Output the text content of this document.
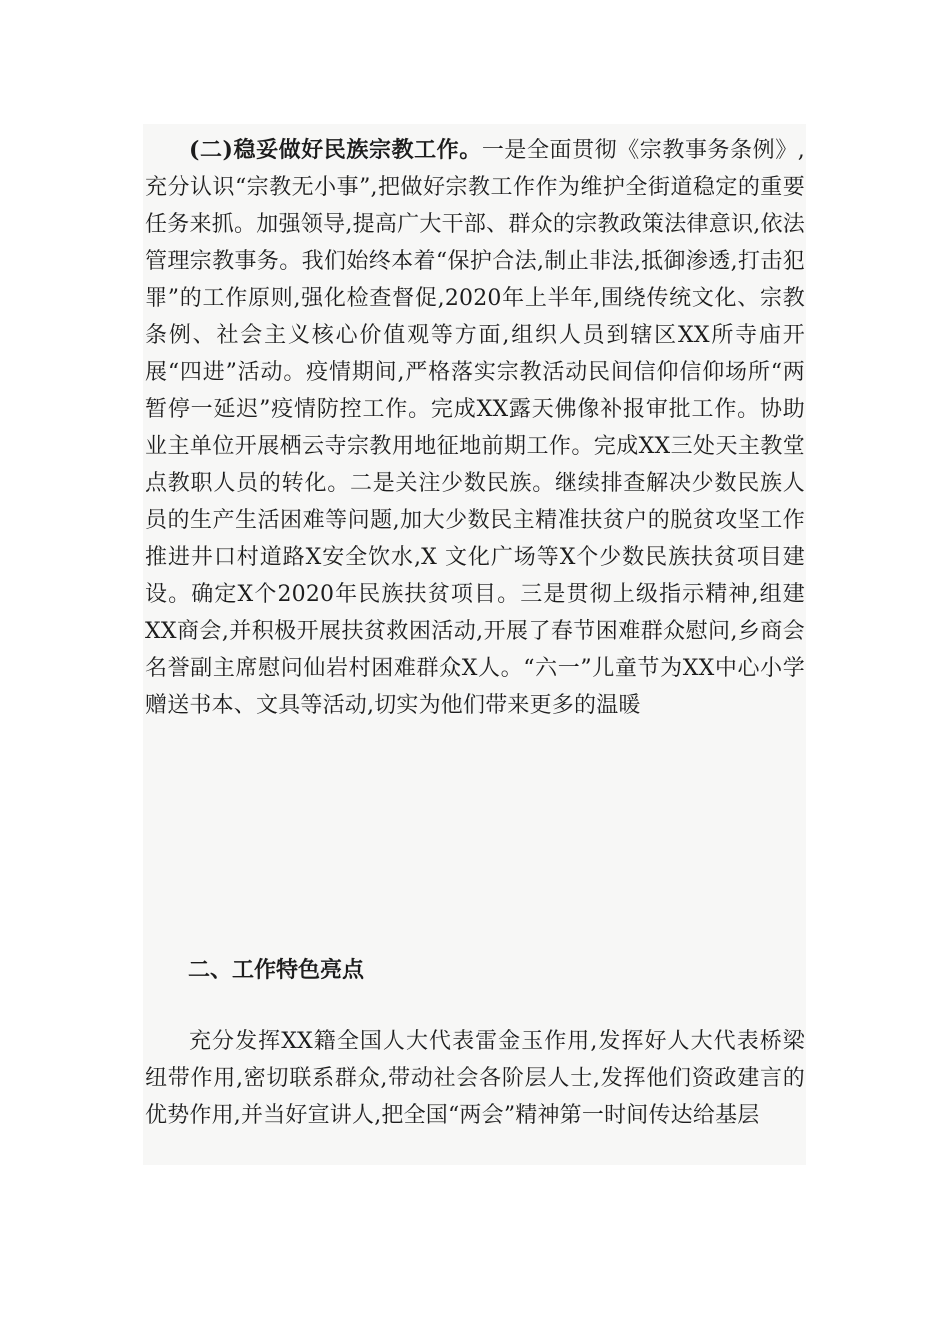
(二)稳妥做好民族宗教工作。一是全面贯彻《宗教事务条例》,充分认识“宗教无小事”,把做好宗教工作作为维护全街道稳定的重要任务来抓。加强领导,提高广大干部、群众的宗教政策法律意识,依法管理宗教事务。我们始终本着“保护合法,制止非法,抵御渗透,打击犯罪”的工作原则,强化检查督促,2020年上半年,围绕传统文化、宗教条例、社会主义核心价值观等方面,组织人员到辖区XX所寺庙开展“四进”活动。疫情期间,严格落实宗教活动民间信仰信仰场所“两暂停一延迟”疫情防控工作。完成XX露天佛像补报审批工作。协助业主单位开展栖云寺宗教用地征地前期工作。完成XX三处天主教堂点教职人员的转化。二是关注少数民族。继续排查解决少数民族人员的生产生活困难等问题,加大少数民主精准扶贫户的脱贫攻坚工作推进井口村道路X安全饮水,X 文化广场等X个少数民族扶贫项目建设。确定X个2020年民族扶贫项目。三是贯彻上级指示精神,组建XX商会,并积极开展扶贫救困活动,开展了春节困难群众慰问,乡商会名誉副主席慰问仙岩村困难群众X人。“六一”儿童节为XX中心小学赠送书本、文具等活动,切实为他们带来更多的温暖
二、工作特色亮点
充分发挥XX籍全国人大代表雷金玉作用,发挥好人大代表桥梁纽带作用,密切联系群众,带动社会各阶层人士,发挥他们资政建言的优势作用,并当好宣讲人,把全国“两会”精神第一时间传达给基层
